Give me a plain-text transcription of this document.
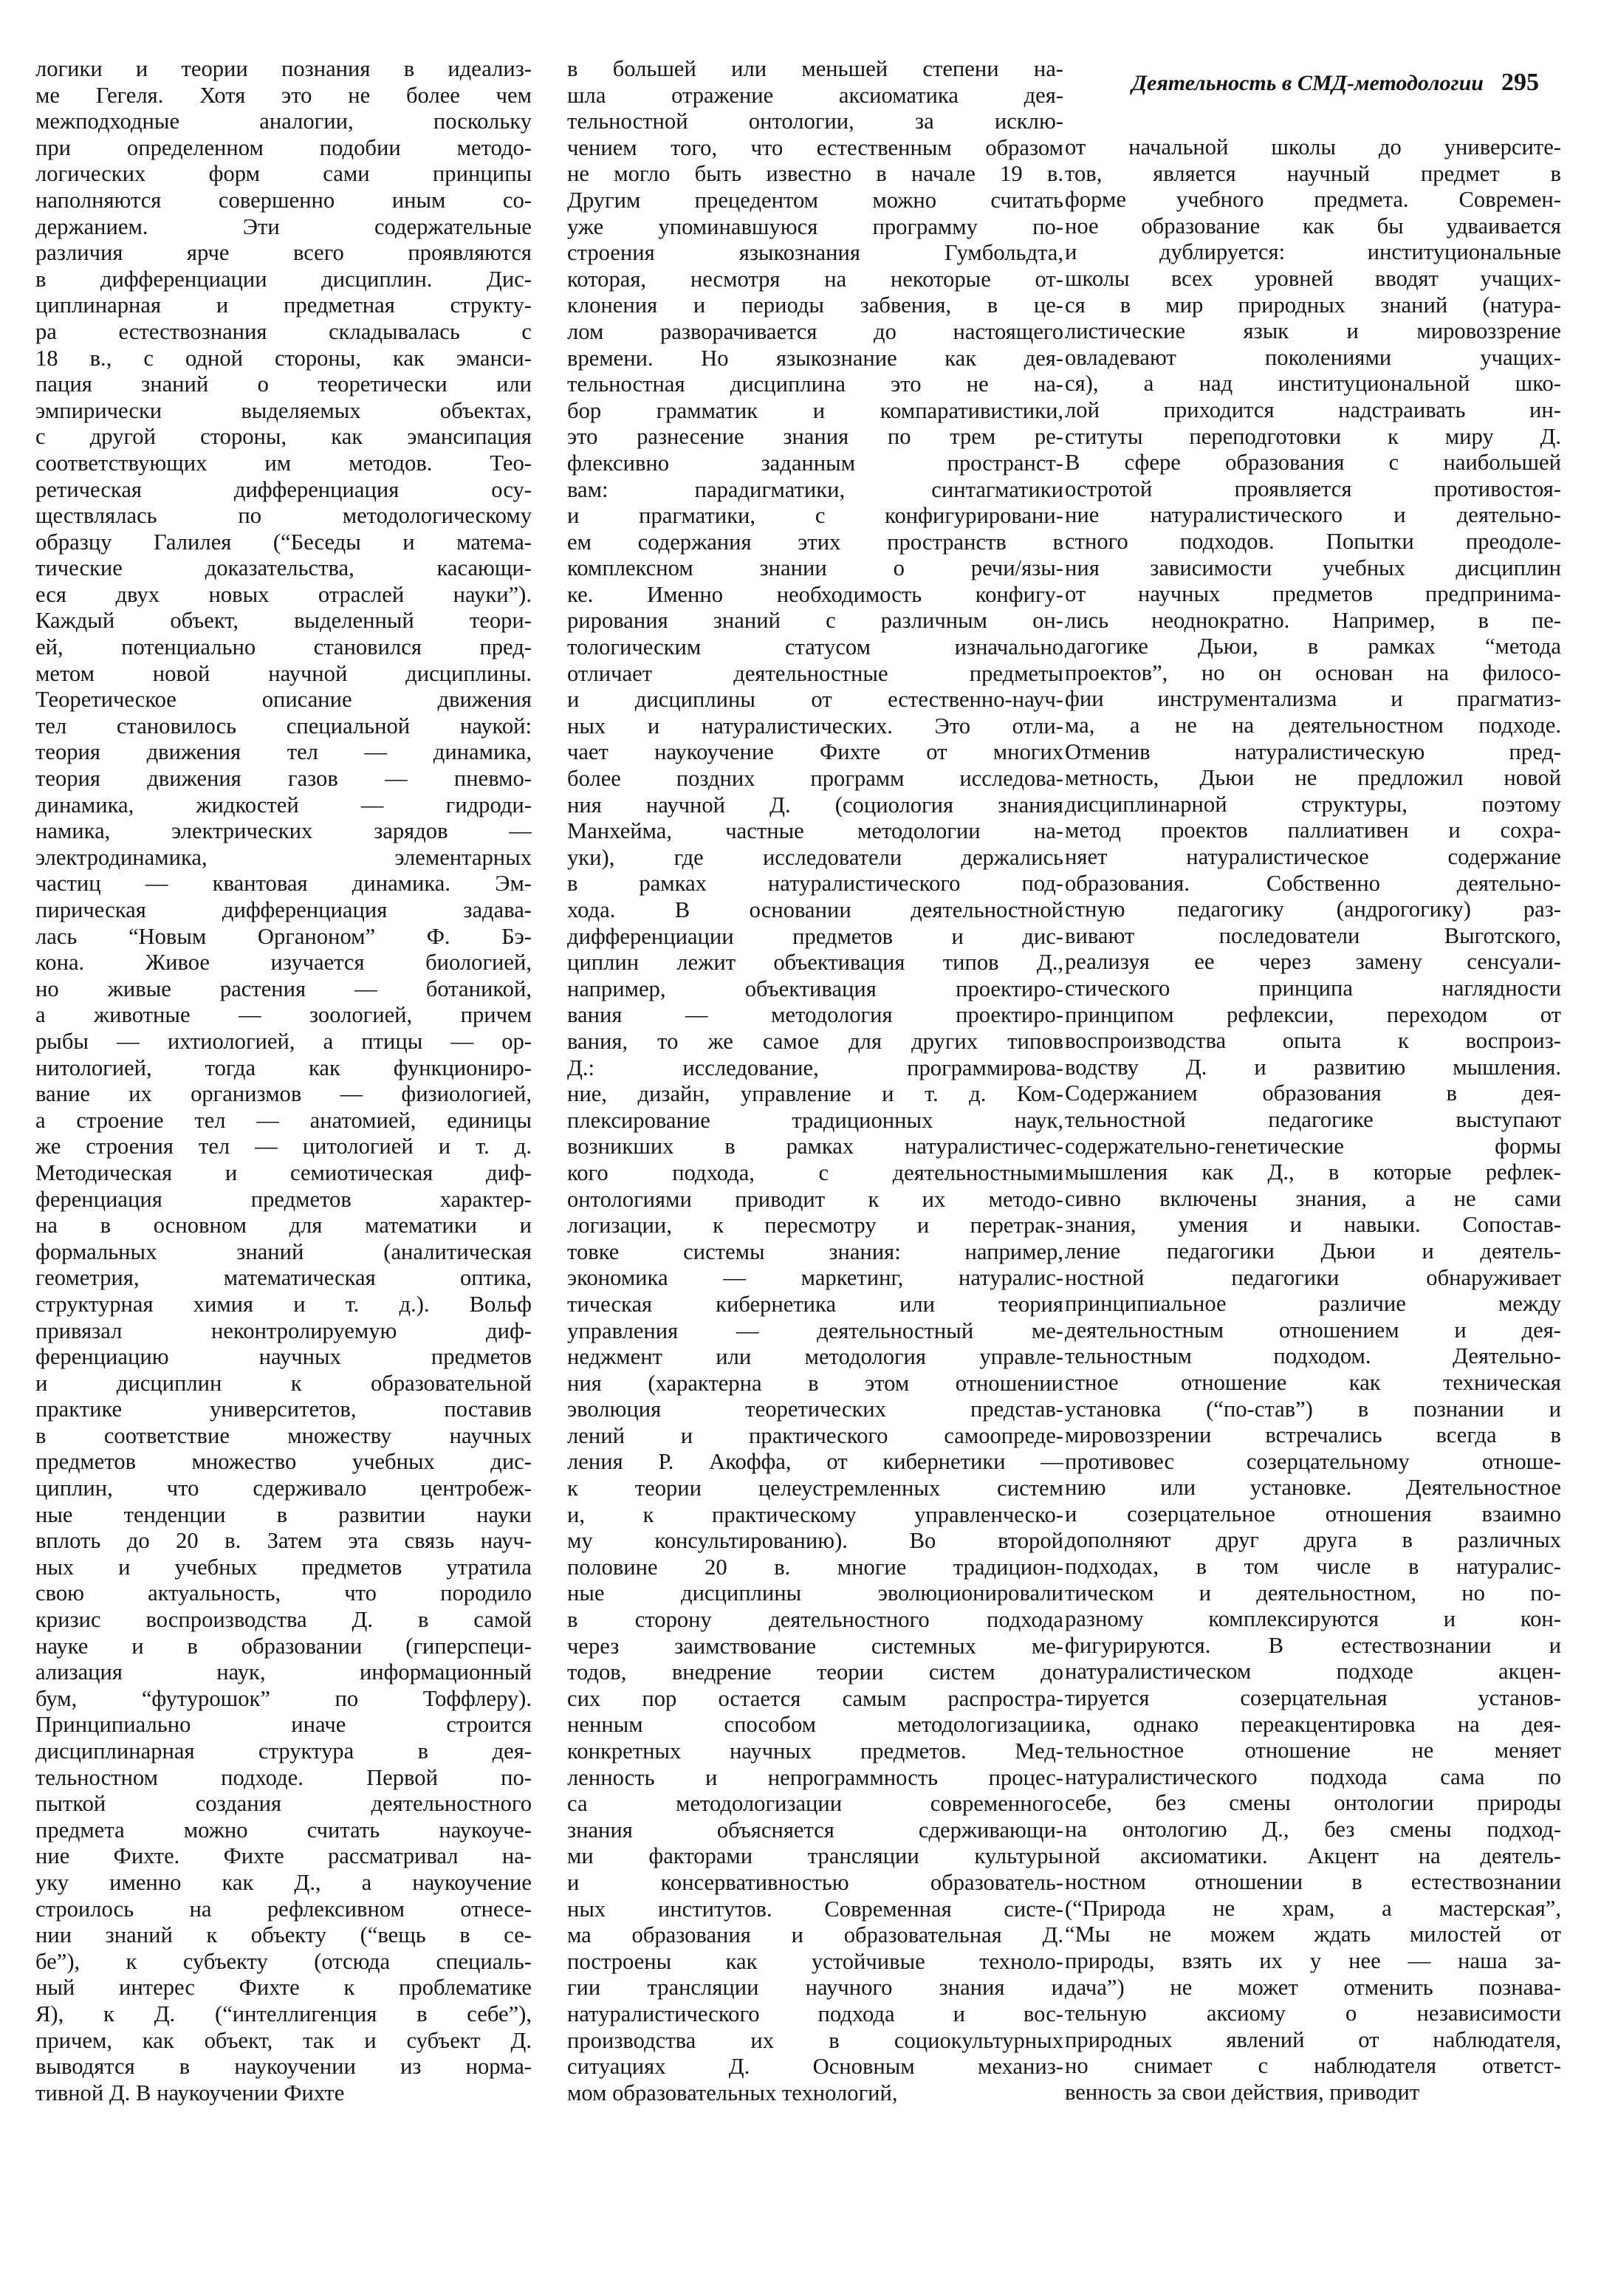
Деятельность в СМД-методологии 295
логики и теории познания в идеализ-
ме Гегеля. Хотя это не более чем
межподходные аналогии, поскольку
при определенном подобии методо-
логических форм сами принципы
наполняются совершенно иным со-
держанием. Эти содержательные
различия ярче всего проявляются
в дифференциации дисциплин. Дис-
циплинарная и предметная структу-
ра естествознания складывалась с
18 в., с одной стороны, как эманси-
пация знаний о теоретически или
эмпирически выделяемых объектах,
с другой стороны, как эмансипация
соответствующих им методов. Тео-
ретическая дифференциация осу-
ществлялась по методологическому
образцу Галилея (“Беседы и матема-
тические доказательства, касающи-
еся двух новых отраслей науки”).
Каждый объект, выделенный теори-
ей, потенциально становился пред-
метом новой научной дисциплины.
Теоретическое описание движения
тел становилось специальной наукой:
теория движения тел — динамика,
теория движения газов — пневмо-
динамика, жидкостей — гидроди-
намика, электрических зарядов —
электродинамика, элементарных
частиц — квантовая динамика. Эм-
пирическая дифференциация задава-
лась “Новым Органоном” Ф. Бэ-
кона. Живое изучается биологией,
но живые растения — ботаникой,
а животные — зоологией, причем
рыбы — ихтиологией, а птицы — ор-
нитологией, тогда как функциониро-
вание их организмов — физиологией,
а строение тел — анатомией, единицы
же строения тел — цитологией и т. д.
Методическая и семиотическая диф-
ференциация предметов характер-
на в основном для математики и
формальных знаний (аналитическая
геометрия, математическая оптика,
структурная химия и т. д.). Вольф
привязал неконтролируемую диф-
ференциацию научных предметов
и дисциплин к образовательной
практике университетов, поставив
в соответствие множеству научных
предметов множество учебных дис-
циплин, что сдерживало центробеж-
ные тенденции в развитии науки
вплоть до 20 в. Затем эта связь науч-
ных и учебных предметов утратила
свою актуальность, что породило
кризис воспроизводства Д. в самой
науке и в образовании (гиперспеци-
ализация наук, информационный
бум, “футурошок” по Тоффлеру).
Принципиально иначе строится
дисциплинарная структура в дея-
тельностном подходе. Первой по-
пыткой создания деятельностного
предмета можно считать наукоуче-
ние Фихте. Фихте рассматривал на-
уку именно как Д., а наукоучение
строилось на рефлексивном отнесе-
нии знаний к объекту (“вещь в се-
бе”), к субъекту (отсюда специаль-
ный интерес Фихте к проблематике
Я), к Д. (“интеллигенция в себе”),
причем, как объект, так и субъект Д.
выводятся в наукоучении из норма-
тивной Д. В наукоучении Фихте
в большей или меньшей степени на-
шла отражение аксиоматика дея-
тельностной онтологии, за исклю-
чением того, что естественным образом
не могло быть известно в начале 19 в.
Другим прецедентом можно считать
уже упоминавшуюся программу по-
строения языкознания Гумбольдта,
которая, несмотря на некоторые от-
клонения и периоды забвения, в це-
лом разворачивается до настоящего
времени. Но языкознание как дея-
тельностная дисциплина это не на-
бор грамматик и компаративистики,
это разнесение знания по трем ре-
флексивно заданным пространст-
вам: парадигматики, синтагматики
и прагматики, с конфигурировани-
ем содержания этих пространств в
комплексном знании о речи/язы-
ке. Именно необходимость конфигу-
рирования знаний с различным он-
тологическим статусом изначально
отличает деятельностные предметы
и дисциплины от естественно-науч-
ных и натуралистических. Это отли-
чает наукоучение Фихте от многих
более поздних программ исследова-
ния научной Д. (социология знания
Манхейма, частные методологии на-
уки), где исследователи держались
в рамках натуралистического под-
хода. В основании деятельностной
дифференциации предметов и дис-
циплин лежит объективация типов Д.,
например, объективация проектиро-
вания — методология проектиро-
вания, то же самое для других типов
Д.: исследование, программирова-
ние, дизайн, управление и т. д. Ком-
плексирование традиционных наук,
возникших в рамках натуралистичес-
кого подхода, с деятельностными
онтологиями приводит к их методо-
логизации, к пересмотру и перетрак-
товке системы знания: например,
экономика — маркетинг, натуралис-
тическая кибернетика или теория
управления — деятельностный ме-
неджмент или методология управле-
ния (характерна в этом отношении
эволюция теоретических представ-
лений и практического самоопреде-
ления Р. Акоффа, от кибернетики —
к теории целеустремленных систем
и, к практическому управленческо-
му консультированию). Во второй
половине 20 в. многие традицион-
ные дисциплины эволюционировали
в сторону деятельностного подхода
через заимствование системных ме-
тодов, внедрение теории систем до
сих пор остается самым распростра-
ненным способом методологизации
конкретных научных предметов. Мед-
ленность и непрограммность процес-
са методологизации современного
знания объясняется сдерживающи-
ми факторами трансляции культуры
и консервативностью образователь-
ных институтов. Современная систе-
ма образования и образовательная Д.
построены как устойчивые техноло-
гии трансляции научного знания и
натуралистического подхода и вос-
производства их в социокультурных
ситуациях Д. Основным механиз-
мом образовательных технологий,
от начальной школы до университе-
тов, является научный предмет в
форме учебного предмета. Современ-
ное образование как бы удваивается
и дублируется: институциональные
школы всех уровней вводят учащих-
ся в мир природных знаний (натура-
листические язык и мировоззрение
овладевают поколениями учащих-
ся), а над институциональной шко-
лой приходится надстраивать ин-
ституты переподготовки к миру Д.
В сфере образования с наибольшей
остротой проявляется противостоя-
ние натуралистического и деятельно-
стного подходов. Попытки преодоле-
ния зависимости учебных дисциплин
от научных предметов предпринима-
лись неоднократно. Например, в пе-
дагогике Дьюи, в рамках “метода
проектов”, но он основан на филосо-
фии инструментализма и прагматиз-
ма, а не на деятельностном подходе.
Отменив натуралистическую пред-
метность, Дьюи не предложил новой
дисциплинарной структуры, поэтому
метод проектов паллиативен и сохра-
няет натуралистическое содержание
образования. Собственно деятельно-
стную педагогику (андрогогику) раз-
вивают последователи Выготского,
реализуя ее через замену сенсуали-
стического принципа наглядности
принципом рефлексии, переходом от
воспроизводства опыта к воспроиз-
водству Д. и развитию мышления.
Содержанием образования в дея-
тельностной педагогике выступают
содержательно-генетические формы
мышления как Д., в которые рефлек-
сивно включены знания, а не сами
знания, умения и навыки. Сопостав-
ление педагогики Дьюи и деятель-
ностной педагогики обнаруживает
принципиальное различие между
деятельностным отношением и дея-
тельностным подходом. Деятельно-
стное отношение как техническая
установка (“по-став”) в познании и
мировоззрении встречались всегда в
противовес созерцательному отноше-
нию или установке. Деятельностное
и созерцательное отношения взаимно
дополняют друг друга в различных
подходах, в том числе в натуралис-
тическом и деятельностном, но по-
разному комплексируются и кон-
фигурируются. В естествознании и
натуралистическом подходе акцен-
тируется созерцательная установ-
ка, однако переакцентировка на дея-
тельностное отношение не меняет
натуралистического подхода сама по
себе, без смены онтологии природы
на онтологию Д., без смены подход-
ной аксиоматики. Акцент на деятель-
ностном отношении в естествознании
(“Природа не храм, а мастерская”,
“Мы не можем ждать милостей от
природы, взять их у нее — наша за-
дача”) не может отменить познава-
тельную аксиому о независимости
природных явлений от наблюдателя,
но снимает с наблюдателя ответст-
венность за свои действия, приводит
